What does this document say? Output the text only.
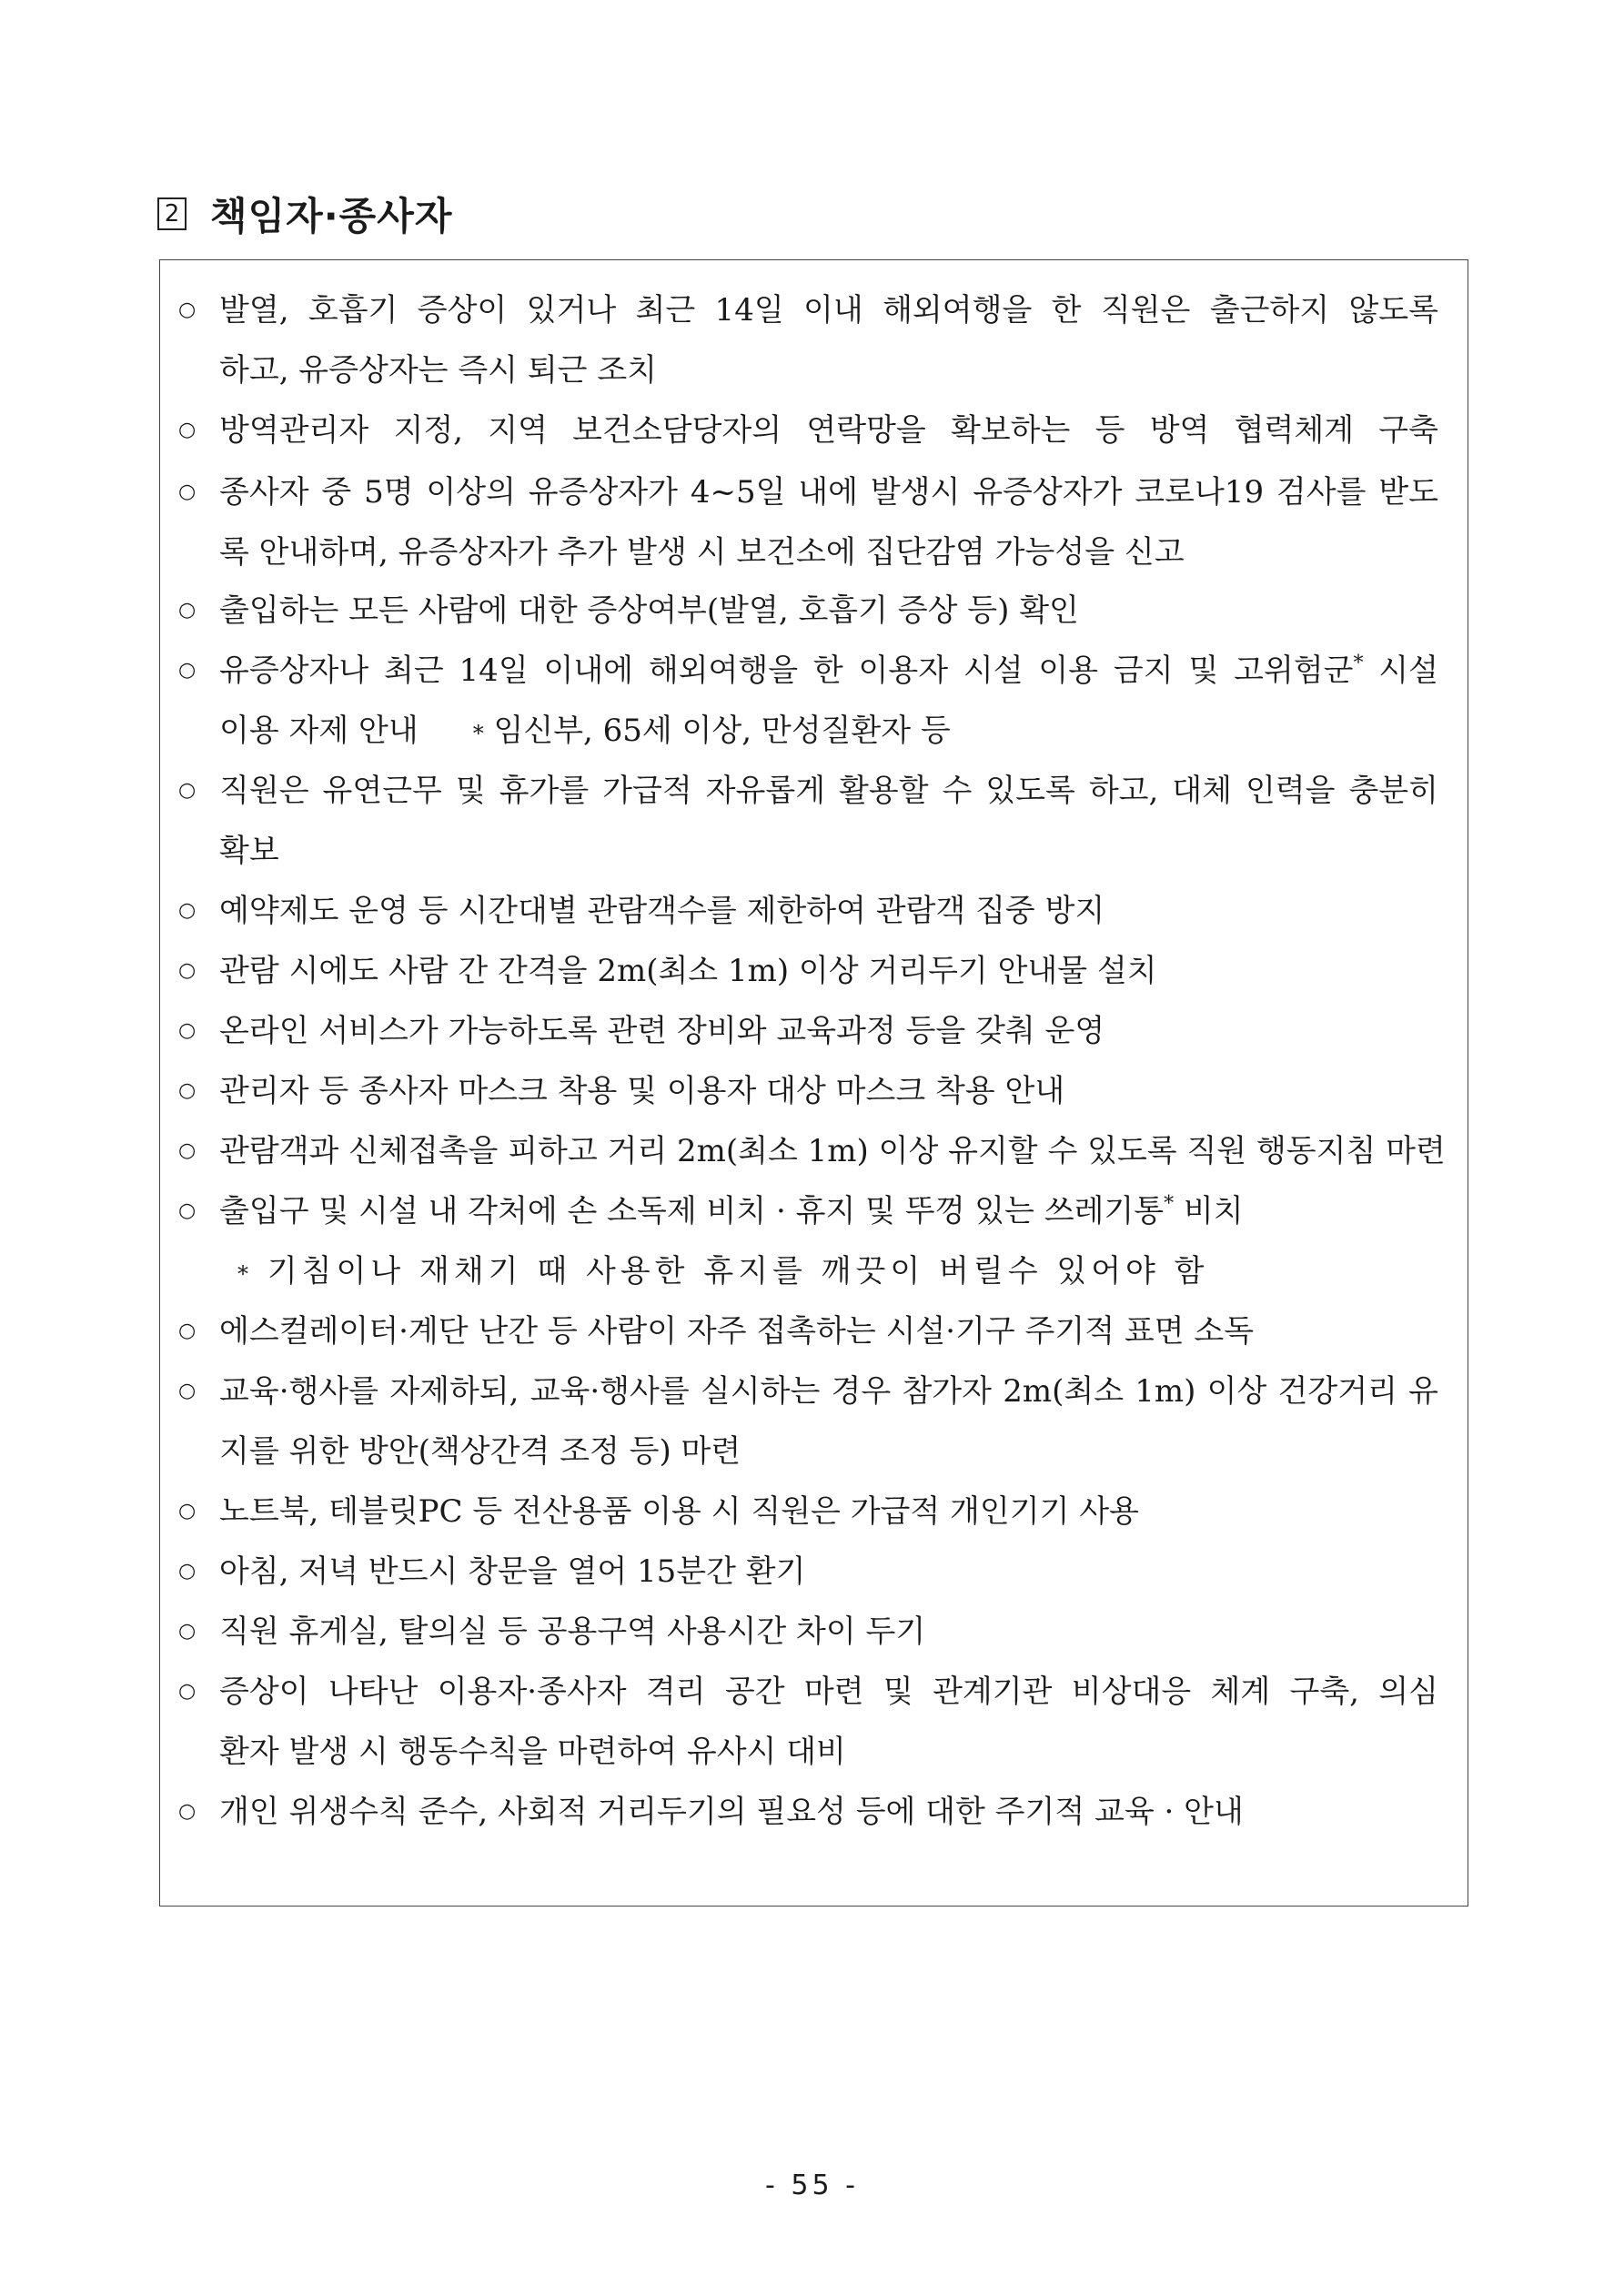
2 책임자·종사자
○ 발열, 호흡기 증상이 있거나 최근 14일 이내 해외여행을 한 직원은 출근하지 않도록
하고, 유증상자는 즉시 퇴근 조치
○ 방역관리자 지정, 지역 보건소담당자의 연락망을 확보하는 등 방역 협력체계 구축
○ 종사자 중 5명 이상의 유증상자가 4~5일 내에 발생시 유증상자가 코로나19 검사를 받도
록 안내하며, 유증상자가 추가 발생 시 보건소에 집단감염 가능성을 신고
○ 출입하는 모든 사람에 대한 증상여부(발열, 호흡기 증상 등) 확인
○ 유증상자나 최근 14일 이내에 해외여행을 한 이용자 시설 이용 금지 및 고위험군* 시설
이용 자제 안내	* 임신부, 65세 이상, 만성질환자 등
○ 직원은 유연근무 및 휴가를 가급적 자유롭게 활용할 수 있도록 하고, 대체 인력을 충분히
확보
○ 예약제도 운영 등 시간대별 관람객수를 제한하여 관람객 집중 방지
○ 관람 시에도 사람 간 간격을 2m(최소 1m) 이상 거리두기 안내물 설치
○ 온라인 서비스가 가능하도록 관련 장비와 교육과정 등을 갖춰 운영
○ 관리자 등 종사자 마스크 착용 및 이용자 대상 마스크 착용 안내
○ 관람객과 신체접촉을 피하고 거리 2m(최소 1m) 이상 유지할 수 있도록 직원 행동지침 마련
○ 출입구 및 시설 내 각처에 손 소독제 비치 · 휴지 및 뚜껑 있는 쓰레기통* 비치
* 기침이나 재채기 때 사용한 휴지를 깨끗이 버릴수 있어야 함
○ 에스컬레이터·계단 난간 등 사람이 자주 접촉하는 시설·기구 주기적 표면 소독
○ 교육·행사를 자제하되, 교육·행사를 실시하는 경우 참가자 2m(최소 1m) 이상 건강거리 유
지를 위한 방안(책상간격 조정 등) 마련
○ 노트북, 테블릿PC 등 전산용품 이용 시 직원은 가급적 개인기기 사용
○ 아침, 저녁 반드시 창문을 열어 15분간 환기
○ 직원 휴게실, 탈의실 등 공용구역 사용시간 차이 두기
○ 증상이 나타난 이용자·종사자 격리 공간 마련 및 관계기관 비상대응 체계 구축, 의심
환자 발생 시 행동수칙을 마련하여 유사시 대비
○ 개인 위생수칙 준수, 사회적 거리두기의 필요성 등에 대한 주기적 교육 · 안내
- 55 -
